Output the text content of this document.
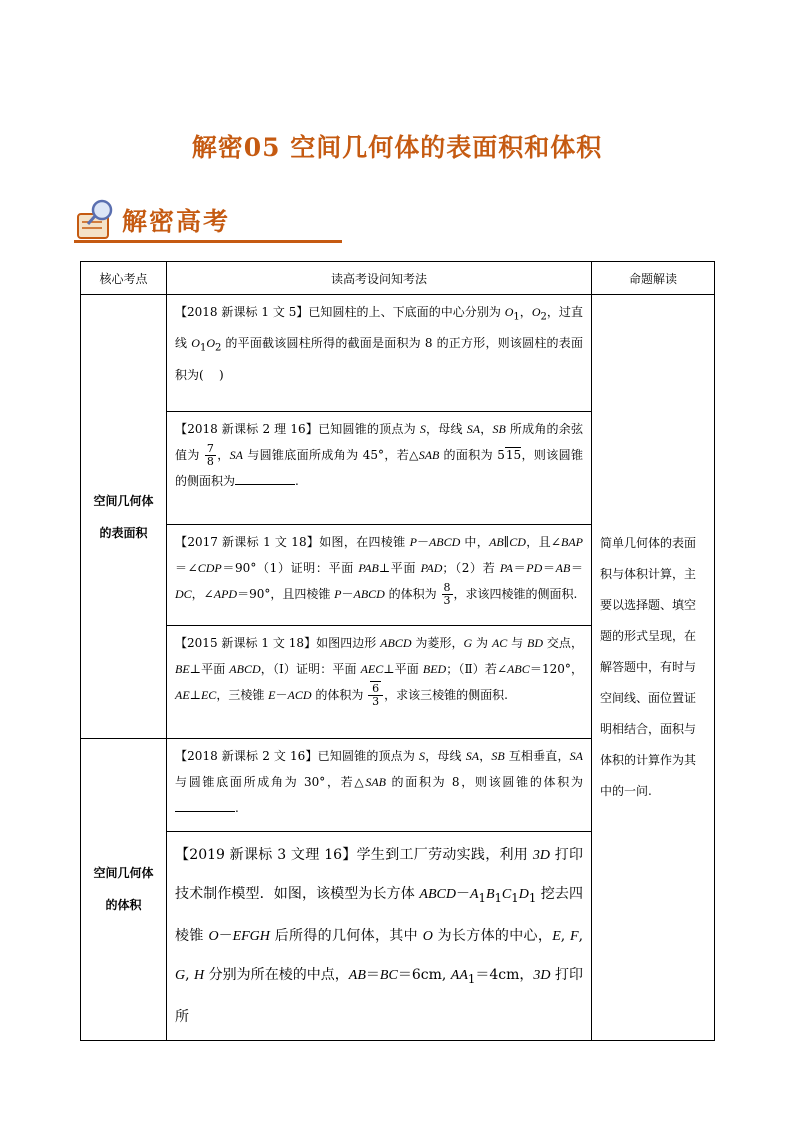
解密05 空间几何体的表面积和体积
解密高考
核心考点	读高考设问知考法	命题解读
空间几何体
的表面积	【2018 新课标 1 文 5】已知圆柱的上、下底面的中心分别为 $O_1$，$O_2$，过直线 $O_1O_2$ 的平面截该圆柱所得的截面是面积为 8 的正方形，则该圆柱的表面积为(    )	简单几何体的表面积与体积计算，主要以选择题、填空题的形式呈现，在解答题中，有时与空间线、面位置证明相结合，面积与体积的计算作为其中的一问.
	【2018 新课标 2 理 16】已知圆锥的顶点为 S，母线 SA，SB 所成角的余弦值为 $\frac{7}{8}$ ，SA 与圆锥底面所成角为 45°，若△SAB 的面积为 515，则该圆锥的侧面积为 .	
	【2017 新课标 1 文 18】如图，在四棱锥 P－ABCD 中，AB∥CD，且∠BAP＝∠CDP＝90°（1）证明：平面 PAB⊥平面 PAD；（2）若 PA＝PD＝AB＝DC，∠APD＝90°，且四棱锥 P－ABCD 的体积为 $\frac{8}{3}$ ，求该四棱锥的侧面积.	
	【2015 新课标 1 文 18】如图四边形 ABCD 为菱形，G 为 AC 与 BD 交点，BE⊥平面 ABCD，（Ⅰ）证明：平面 AEC⊥平面 BED；（Ⅱ）若∠ABC＝120°，AE⊥EC，三棱锥 E－ACD 的体积为 $\frac{6}{3}$ ，求该三棱锥的侧面积.	
空间几何体
的体积	【2018 新课标 2 文 16】已知圆锥的顶点为 S，母线 SA，SB 互相垂直，SA 与圆锥底面所成角为 30°，若△SAB 的面积为 8，则该圆锥的体积为.	
	【2019 新课标 3 文理 16】学生到工厂劳动实践，利用 3D 打印技术制作模型．如图，该模型为长方体 $ABCD-A_1B_1C_1D_1$ 挖去四棱锥 O－EFGH 后所得的几何体，其中 O 为长方体的中心，E, F, G, H 分别为所在棱的中点，AB＝BC＝6cm, $AA_1=4cm$，3D 打印所	
